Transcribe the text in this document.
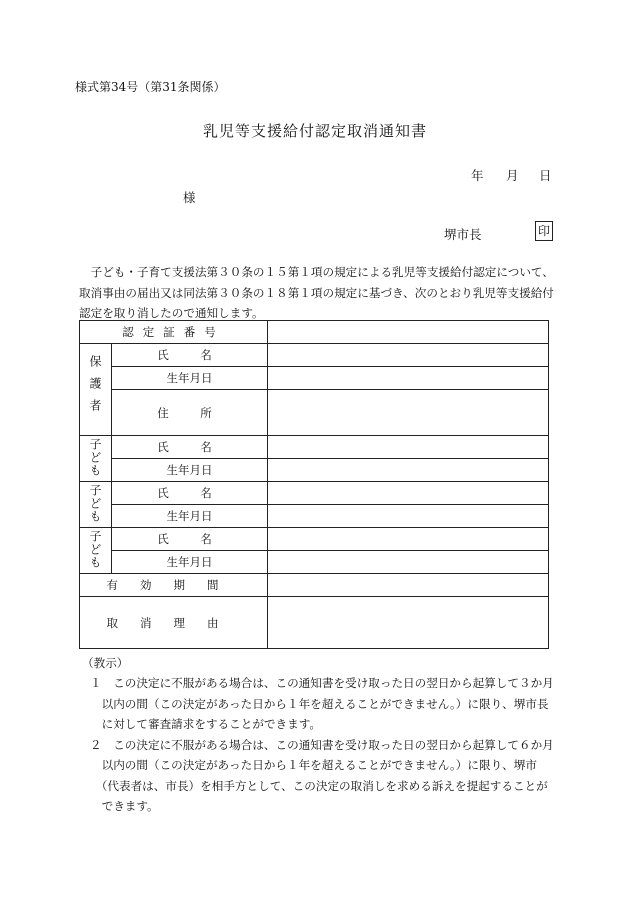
様式第34号（第31条関係）
乳児等支援給付認定取消通知書
年 月 日
様
堺市長	印
　子ども・子育て支援法第３０条の１５第１項の規定による乳児等支援給付認定について、
取消事由の届出又は同法第３０条の１８第１項の規定に基づき、次のとおり乳児等支援給付
認定を取り消したので通知します。
認定証番号		
保護者	氏　名	
	生年月日	
	住　所	
子ども	氏　名	
	生年月日	
子ども	氏　名	
	生年月日	
子ども	氏　名	
	生年月日	
有効期間		
取消理由		
（教示）
１　この決定に不服がある場合は、この通知書を受け取った日の翌日から起算して３か月
　以内の間（この決定があった日から１年を超えることができません。）に限り、堺市長
　に対して審査請求をすることができます。
２　この決定に不服がある場合は、この通知書を受け取った日の翌日から起算して６か月
　以内の間（この決定があった日から１年を超えることができません。）に限り、堺市
　（代表者は、市長）を相手方として、この決定の取消しを求める訴えを提起することが
　できます。
